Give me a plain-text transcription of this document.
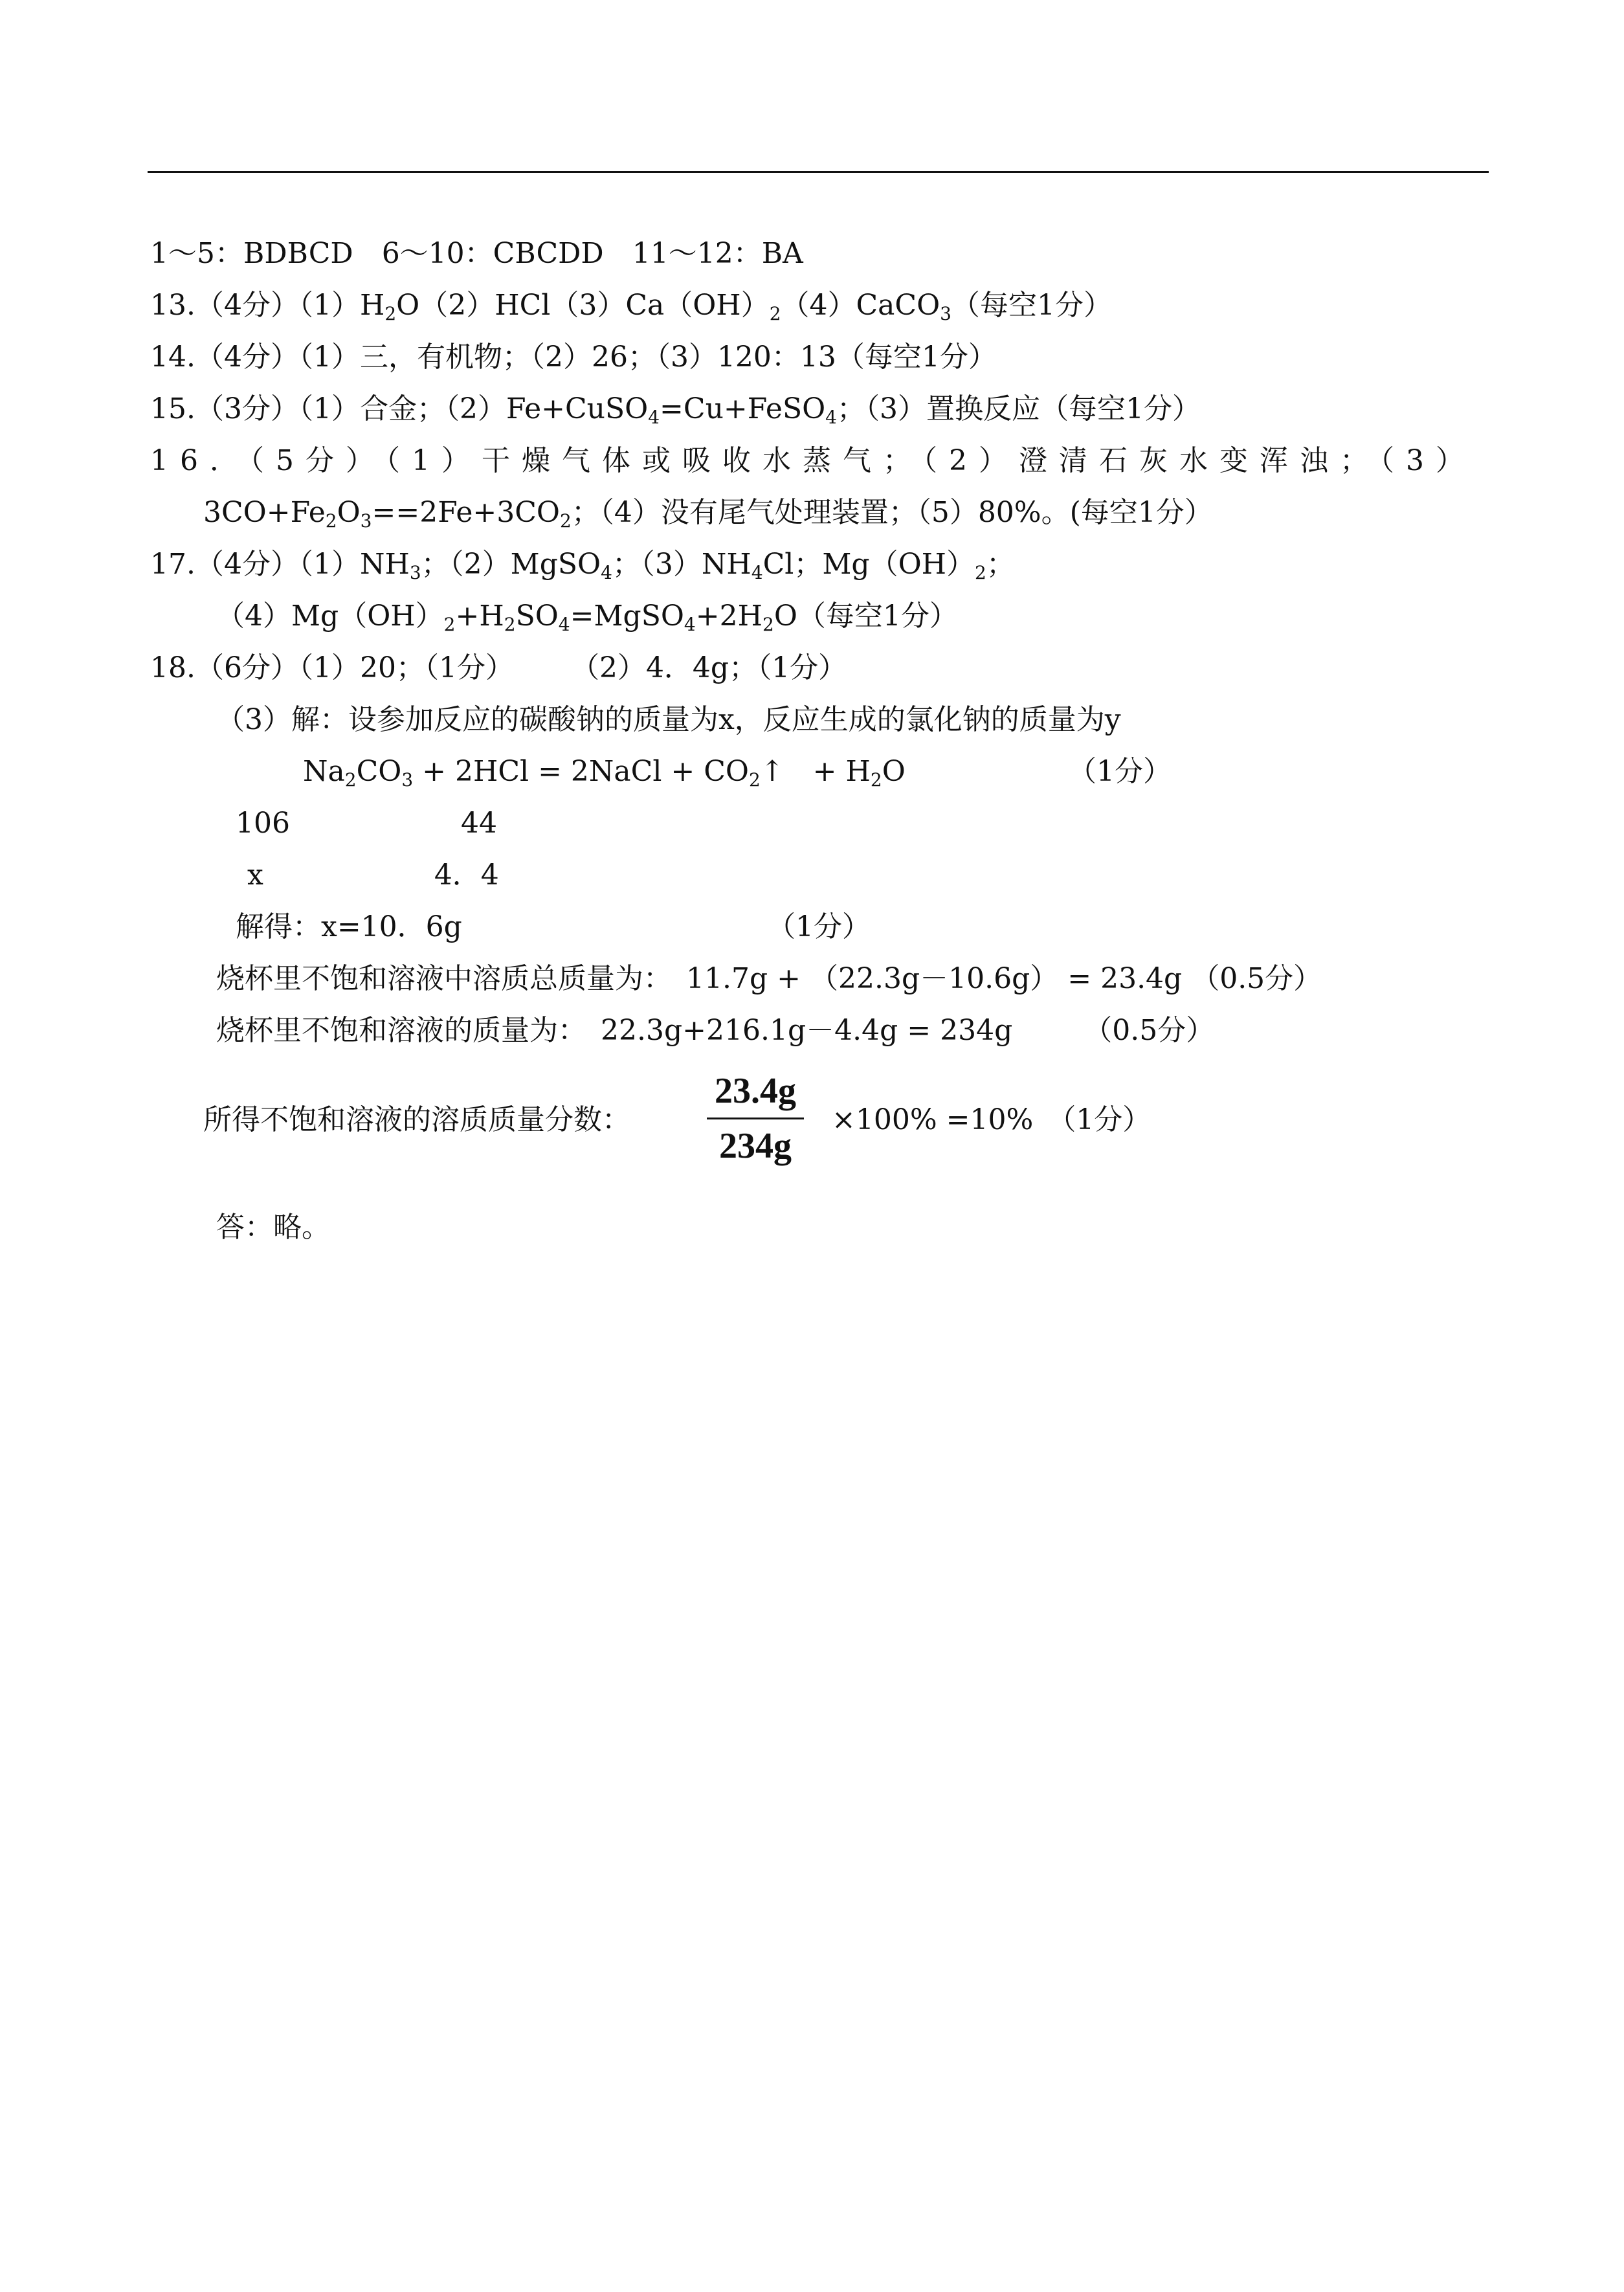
1～5：BDBCD　6～10：CBCDD　11～12：BA
13.（4分）$(1)H_2O(2)HCl(3)Ca(OH)_2(4)CaCO_3$（每空1分）
14.（4分）（1）三，有机物；（2）26；（3）120：13（每空1分）
15.（3分）（1）合金；（2）Fe+CuSO$_4$=Cu+FeSO$_4$；（3）置换反应（每空1分）
16．（5分）（1）干燥气体或吸收水蒸气；（2）澄清石灰水变浑浊；（3）
$3CO+Fe_2O_3==2Fe+3CO_2$；（4）没有尾气处理装置；（5）80%。(每空1分）
17.（4分）$(1)NH_3$；（2）MgSO$_4$；$(3)NH_4Cl$；$Mg(OH)_2$；
$(4)Mg(OH)_2+H_2SO_4=MgSO_4+2H_2O$（每空1分）
18.（6分）（1）20；（1分）　　　（2）4．4g；（1分）
（3）解：设参加反应的碳酸钠的质量为x，反应生成的氯化钠的质量为y
$Na_2CO_3 + 2HCl$ = 2NaCl + $CO_2↑$　+ $H_2O$	（1分）
106　　　　　　44
x　　　　　　4．4
解得：x=10．6g	（1分）
烧杯里不饱和溶液中溶质总质量为：　11.7g + （22.3g－10.6g） = 23.4g （0.5分）
烧杯里不饱和溶液的质量为：　22.3g+216.1g－4.4g = 234g　　　（0.5分）
所得不饱和溶液的溶质质量分数：
23.4g
234g
×100% =10%　（1分）
答：略。
